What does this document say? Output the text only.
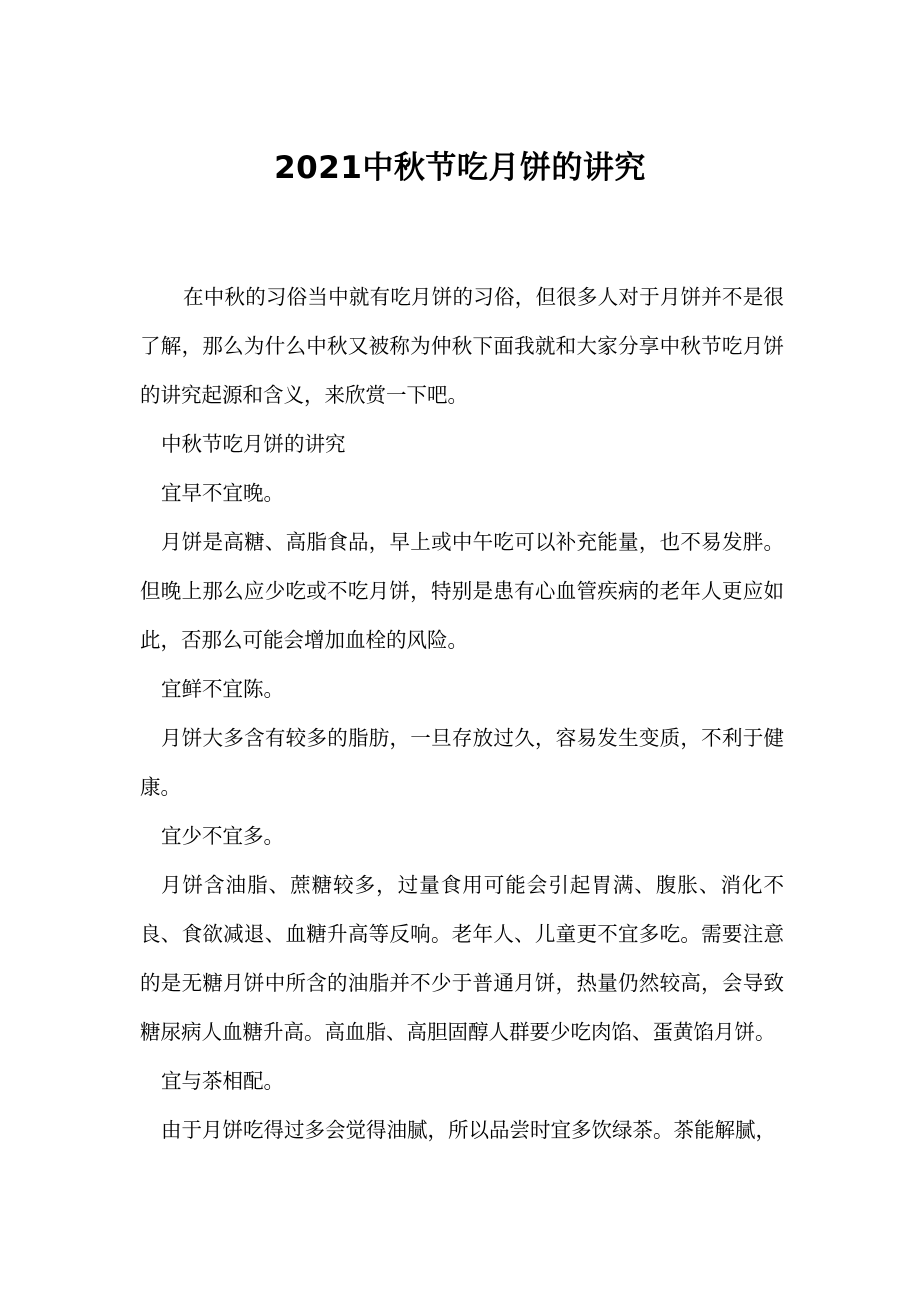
2021中秋节吃月饼的讲究

在中秋的习俗当中就有吃月饼的习俗，但很多人对于月饼并不是很了解，那么为什么中秋又被称为仲秋下面我就和大家分享中秋节吃月饼的讲究起源和含义，来欣赏一下吧。

中秋节吃月饼的讲究

宜早不宜晚。

月饼是高糖、高脂食品，早上或中午吃可以补充能量，也不易发胖。但晚上那么应少吃或不吃月饼，特别是患有心血管疾病的老年人更应如此，否那么可能会增加血栓的风险。

宜鲜不宜陈。

月饼大多含有较多的脂肪，一旦存放过久，容易发生变质，不利于健康。

宜少不宜多。

月饼含油脂、蔗糖较多，过量食用可能会引起胃满、腹胀、消化不良、食欲减退、血糖升高等反响。老年人、儿童更不宜多吃。需要注意的是无糖月饼中所含的油脂并不少于普通月饼，热量仍然较高，会导致糖尿病人血糖升高。高血脂、高胆固醇人群要少吃肉馅、蛋黄馅月饼。

宜与茶相配。

由于月饼吃得过多会觉得油腻，所以品尝时宜多饮绿茶。茶能解腻，
